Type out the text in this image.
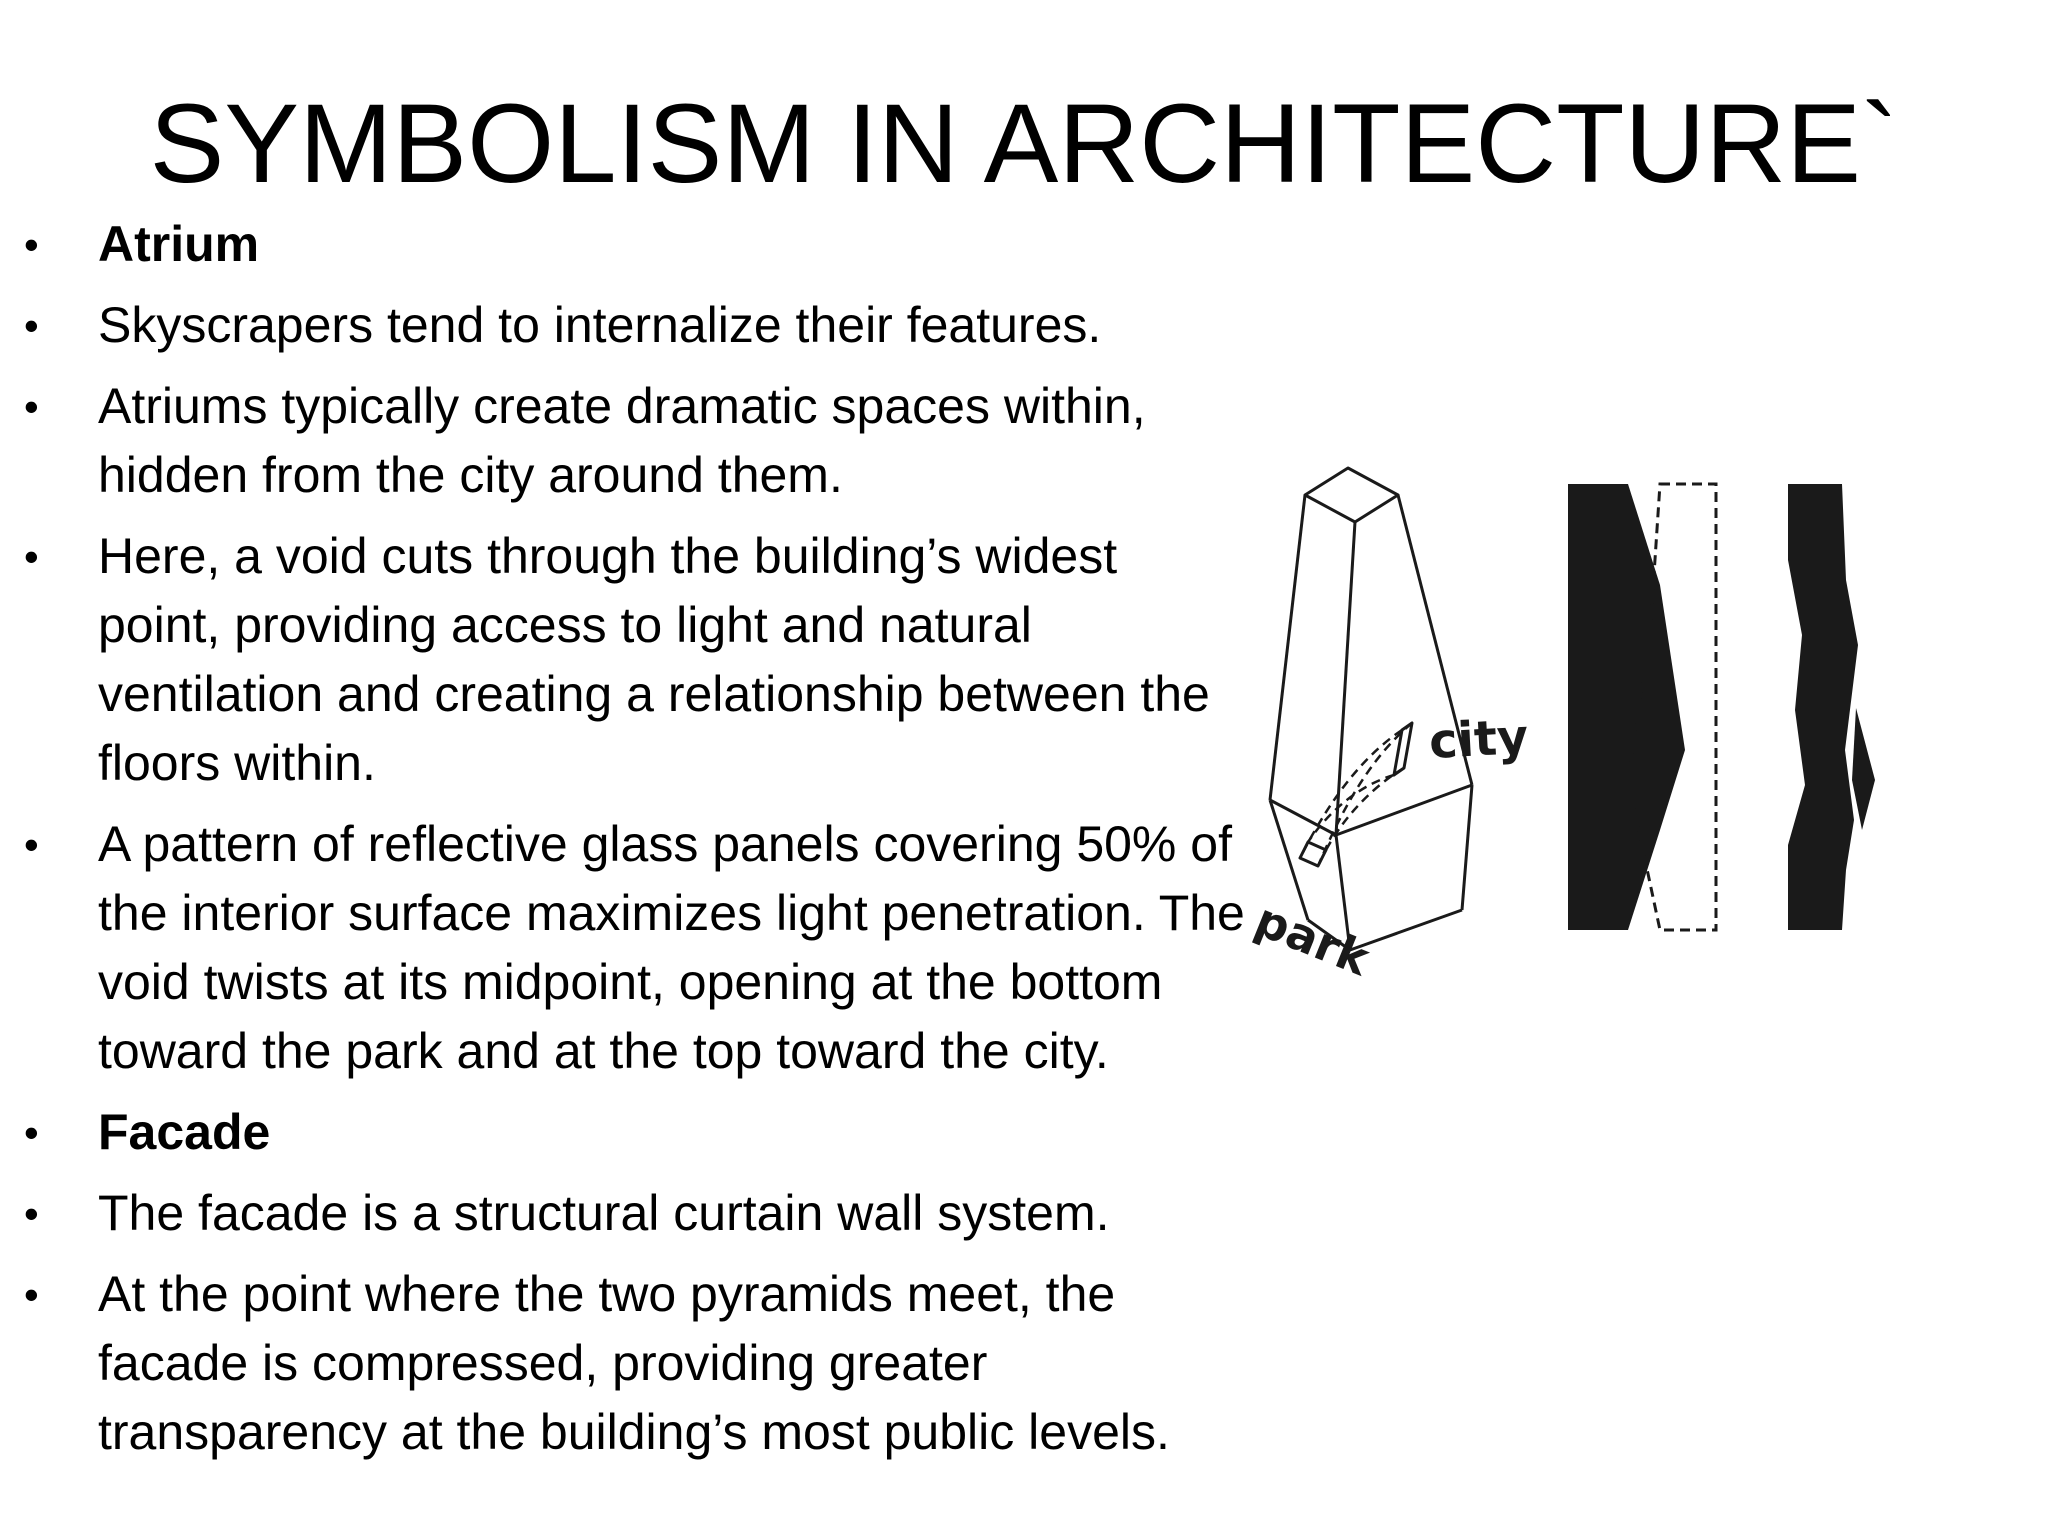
SYMBOLISM IN ARCHITECTURE`
•	Atrium
•	Skyscrapers tend to internalize their features.
•	Atriums typically create dramatic spaces within, hidden from the city around them.
•	Here, a void cuts through the building’s widest point, providing access to light and natural ventilation and creating a relationship between the floors within.
•	A pattern of reflective glass panels covering 50% of the interior surface maximizes light penetration. The void twists at its midpoint, opening at the bottom toward the park and at the top toward the city.
•	Facade
•	The facade is a structural curtain wall system.
•	At the point where the two pyramids meet, the facade is compressed, providing greater transparency at the building’s most public levels.
city
park
